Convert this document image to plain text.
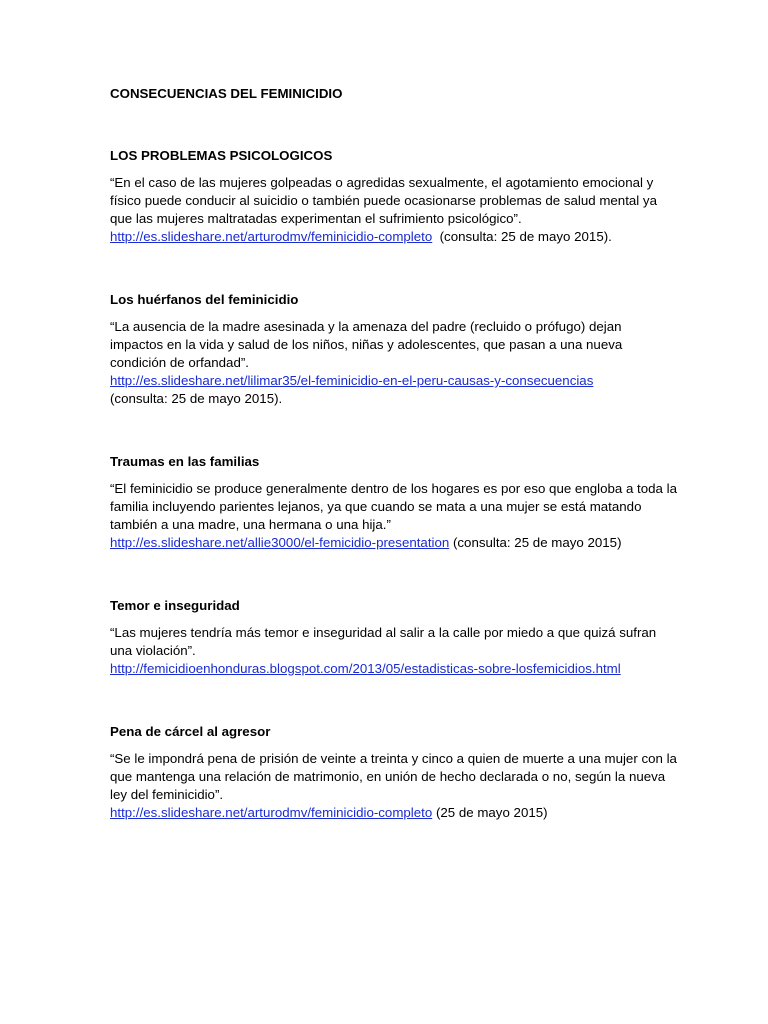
CONSECUENCIAS DEL FEMINICIDIO
LOS PROBLEMAS PSICOLOGICOS

“En el caso de las mujeres golpeadas o agredidas sexualmente, el agotamiento emocional y físico puede conducir al suicidio o también puede ocasionarse problemas de salud mental ya que las mujeres maltratadas experimentan el sufrimiento psicológico”. http://es.slideshare.net/arturodmv/feminicidio-completo (consulta: 25 de mayo 2015).

Los huérfanos del feminicidio

“La ausencia de la madre asesinada y la amenaza del padre (recluido o prófugo) dejan impactos en la vida y salud de los niños, niñas y adolescentes, que pasan a una nueva condición de orfandad”.
http://es.slideshare.net/lilimar35/el-feminicidio-en-el-peru-causas-y-consecuencias
(consulta: 25 de mayo 2015).

Traumas en las familias

“El feminicidio se produce generalmente dentro de los hogares es por eso que engloba a toda la familia incluyendo parientes lejanos, ya que cuando se mata a una mujer se está matando también a una madre, una hermana o una hija.”
http://es.slideshare.net/allie3000/el-femicidio-presentation (consulta: 25 de mayo 2015)

Temor e inseguridad

“Las mujeres tendría más temor e inseguridad al salir a la calle por miedo a que quizá sufran una violación”.
http://femicidioenhonduras.blogspot.com/2013/05/estadisticas-sobre-losfemicidios.html

Pena de cárcel al agresor

“Se le impondrá pena de prisión de veinte a treinta y cinco a quien de muerte a una mujer con la que mantenga una relación de matrimonio, en unión de hecho declarada o no, según la nueva ley del feminicidio”.
http://es.slideshare.net/arturodmv/feminicidio-completo (25 de mayo 2015)
